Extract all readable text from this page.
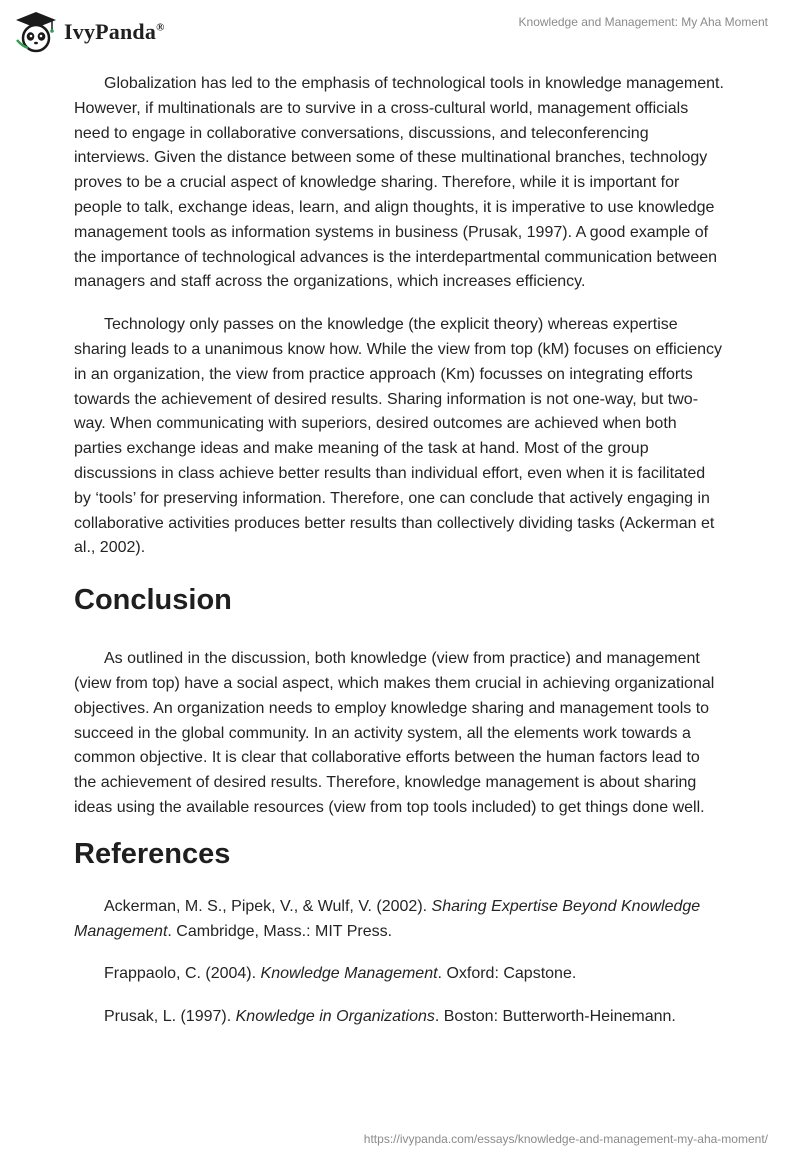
IvyPanda®	Knowledge and Management: My Aha Moment

Globalization has led to the emphasis of technological tools in knowledge management. However, if multinationals are to survive in a cross-cultural world, management officials need to engage in collaborative conversations, discussions, and teleconferencing interviews. Given the distance between some of these multinational branches, technology proves to be a crucial aspect of knowledge sharing. Therefore, while it is important for people to talk, exchange ideas, learn, and align thoughts, it is imperative to use knowledge management tools as information systems in business (Prusak, 1997). A good example of the importance of technological advances is the interdepartmental communication between managers and staff across the organizations, which increases efficiency.

Technology only passes on the knowledge (the explicit theory) whereas expertise sharing leads to a unanimous know how. While the view from top (kM) focuses on efficiency in an organization, the view from practice approach (Km) focusses on integrating efforts towards the achievement of desired results. Sharing information is not one-way, but two-way. When communicating with superiors, desired outcomes are achieved when both parties exchange ideas and make meaning of the task at hand. Most of the group discussions in class achieve better results than individual effort, even when it is facilitated by ‘tools’ for preserving information. Therefore, one can conclude that actively engaging in collaborative activities produces better results than collectively dividing tasks (Ackerman et al., 2002).

Conclusion

As outlined in the discussion, both knowledge (view from practice) and management (view from top) have a social aspect, which makes them crucial in achieving organizational objectives. An organization needs to employ knowledge sharing and management tools to succeed in the global community. In an activity system, all the elements work towards a common objective. It is clear that collaborative efforts between the human factors lead to the achievement of desired results. Therefore, knowledge management is about sharing ideas using the available resources (view from top tools included) to get things done well.

References

Ackerman, M. S., Pipek, V., & Wulf, V. (2002). Sharing Expertise Beyond Knowledge Management. Cambridge, Mass.: MIT Press.

Frappaolo, C. (2004). Knowledge Management. Oxford: Capstone.

Prusak, L. (1997). Knowledge in Organizations. Boston: Butterworth-Heinemann.

https://ivypanda.com/essays/knowledge-and-management-my-aha-moment/
